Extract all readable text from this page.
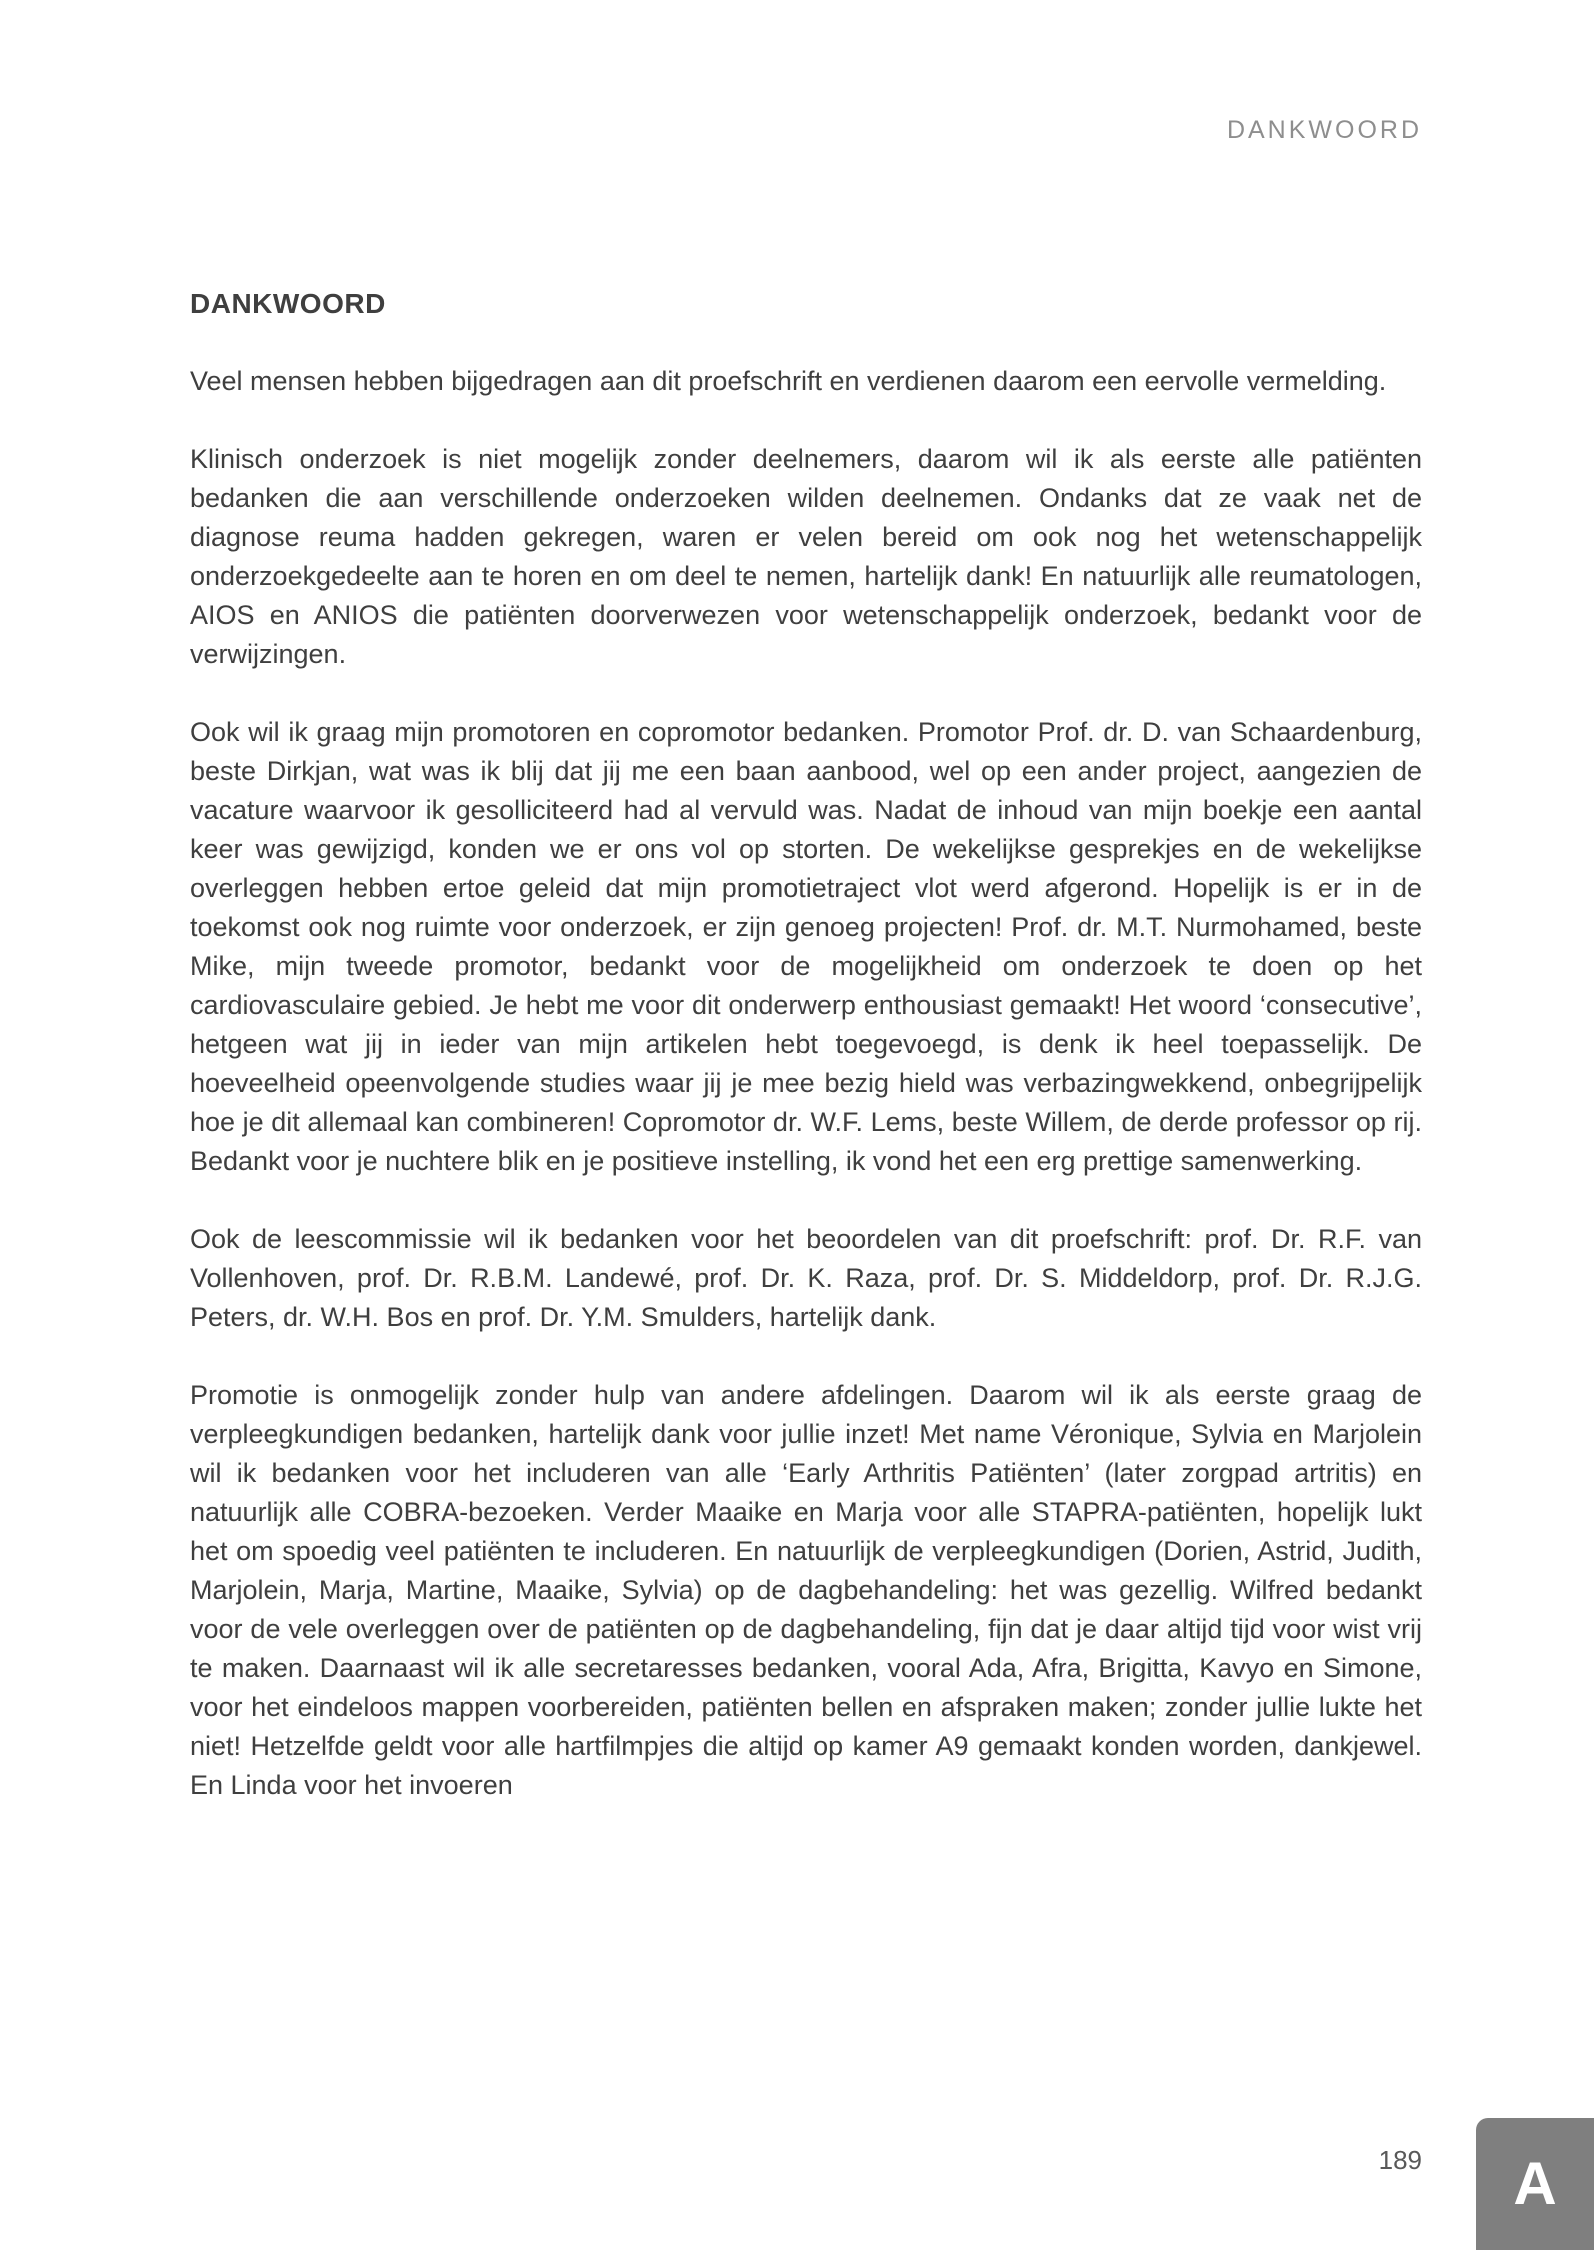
DANKWOORD
DANKWOORD

Veel mensen hebben bijgedragen aan dit proefschrift en verdienen daarom een eervolle vermelding.

Klinisch onderzoek is niet mogelijk zonder deelnemers, daarom wil ik als eerste alle patiënten bedanken die aan verschillende onderzoeken wilden deelnemen. Ondanks dat ze vaak net de diagnose reuma hadden gekregen, waren er velen bereid om ook nog het wetenschappelijk onderzoekgedeelte aan te horen en om deel te nemen, hartelijk dank! En natuurlijk alle reumatologen, AIOS en ANIOS die patiënten doorverwezen voor wetenschappelijk onderzoek, bedankt voor de verwijzingen.

Ook wil ik graag mijn promotoren en copromotor bedanken. Promotor Prof. dr. D. van Schaardenburg, beste Dirkjan, wat was ik blij dat jij me een baan aanbood, wel op een ander project, aangezien de vacature waarvoor ik gesolliciteerd had al vervuld was. Nadat de inhoud van mijn boekje een aantal keer was gewijzigd, konden we er ons vol op storten. De wekelijkse gesprekjes en de wekelijkse overleggen hebben ertoe geleid dat mijn promotietraject vlot werd afgerond. Hopelijk is er in de toekomst ook nog ruimte voor onderzoek, er zijn genoeg projecten! Prof. dr. M.T. Nurmohamed, beste Mike, mijn tweede promotor, bedankt voor de mogelijkheid om onderzoek te doen op het cardiovasculaire gebied. Je hebt me voor dit onderwerp enthousiast gemaakt! Het woord ‘consecutive’, hetgeen wat jij in ieder van mijn artikelen hebt toegevoegd, is denk ik heel toepasselijk. De hoeveelheid opeenvolgende studies waar jij je mee bezig hield was verbazingwekkend, onbegrijpelijk hoe je dit allemaal kan combineren! Copromotor dr. W.F. Lems, beste Willem, de derde professor op rij. Bedankt voor je nuchtere blik en je positieve instelling, ik vond het een erg prettige samenwerking.

Ook de leescommissie wil ik bedanken voor het beoordelen van dit proefschrift: prof. Dr. R.F. van Vollenhoven, prof. Dr. R.B.M. Landewé, prof. Dr. K. Raza, prof. Dr. S. Middeldorp, prof. Dr. R.J.G. Peters, dr. W.H. Bos en prof. Dr. Y.M. Smulders, hartelijk dank.

Promotie is onmogelijk zonder hulp van andere afdelingen. Daarom wil ik als eerste graag de verpleegkundigen bedanken, hartelijk dank voor jullie inzet! Met name Véronique, Sylvia en Marjolein wil ik bedanken voor het includeren van alle ‘Early Arthritis Patiënten’ (later zorgpad artritis) en natuurlijk alle COBRA-bezoeken. Verder Maaike en Marja voor alle STAPRA-patiënten, hopelijk lukt het om spoedig veel patiënten te includeren. En natuurlijk de verpleegkundigen (Dorien, Astrid, Judith, Marjolein, Marja, Martine, Maaike, Sylvia) op de dagbehandeling: het was gezellig. Wilfred bedankt voor de vele overleggen over de patiënten op de dagbehandeling, fijn dat je daar altijd tijd voor wist vrij te maken. Daarnaast wil ik alle secretaresses bedanken, vooral Ada, Afra, Brigitta, Kavyo en Simone, voor het eindeloos mappen voorbereiden, patiënten bellen en afspraken maken; zonder jullie lukte het niet! Hetzelfde geldt voor alle hartfilmpjes die altijd op kamer A9 gemaakt konden worden, dankjewel. En Linda voor het invoeren

189 A
